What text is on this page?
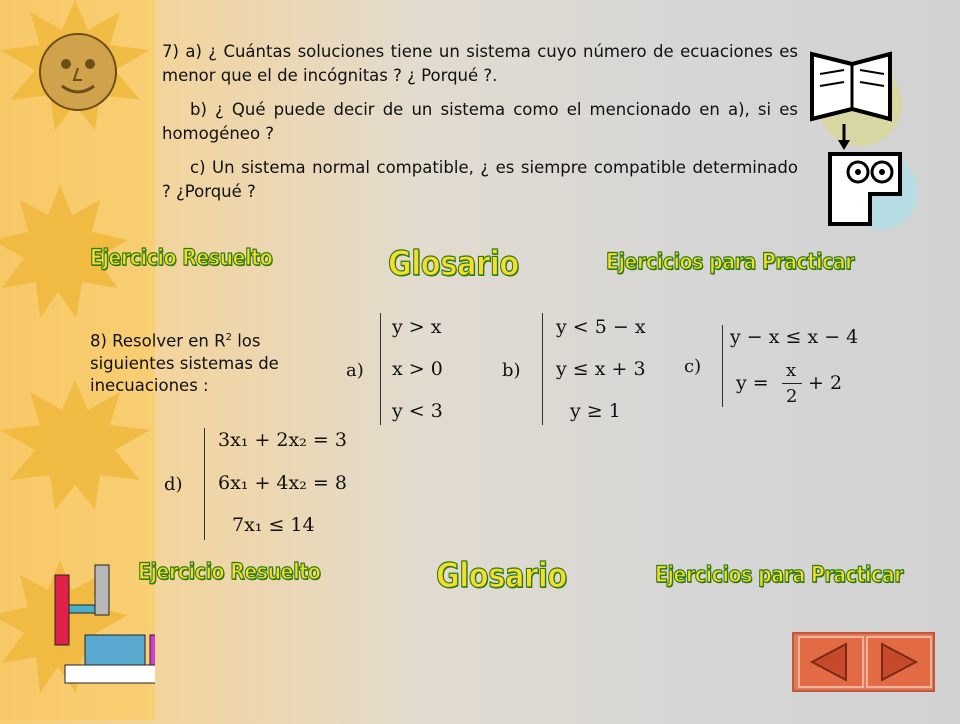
7) a) ¿ Cuántas soluciones tiene un sistema cuyo número de ecuaciones es menor que el de incógnitas ? ¿ Porqué ?.

b) ¿ Qué puede decir de un sistema como el mencionado en a), si es homogéneo ?

c) Un sistema normal compatible, ¿ es siempre compatible determinado ? ¿Porqué ?

Ejercicio Resuelto	Glosario	Ejercicios para Practicar
8) Resolver en $R^2$ los siguientes sistemas de inecuaciones :
a)
y > x
x > 0
y < 3
b)
y < 5 − x
y ≤ x + 3
y ≥ 1
c)
y − x ≤ x − 4
y =
x
2
+ 2
d)
3x₁ + 2x₂ = 3
6x₁ + 4x₂ = 8
7x₁ ≤ 14
Ejercicio Resuelto	Glosario	Ejercicios para Practicar
